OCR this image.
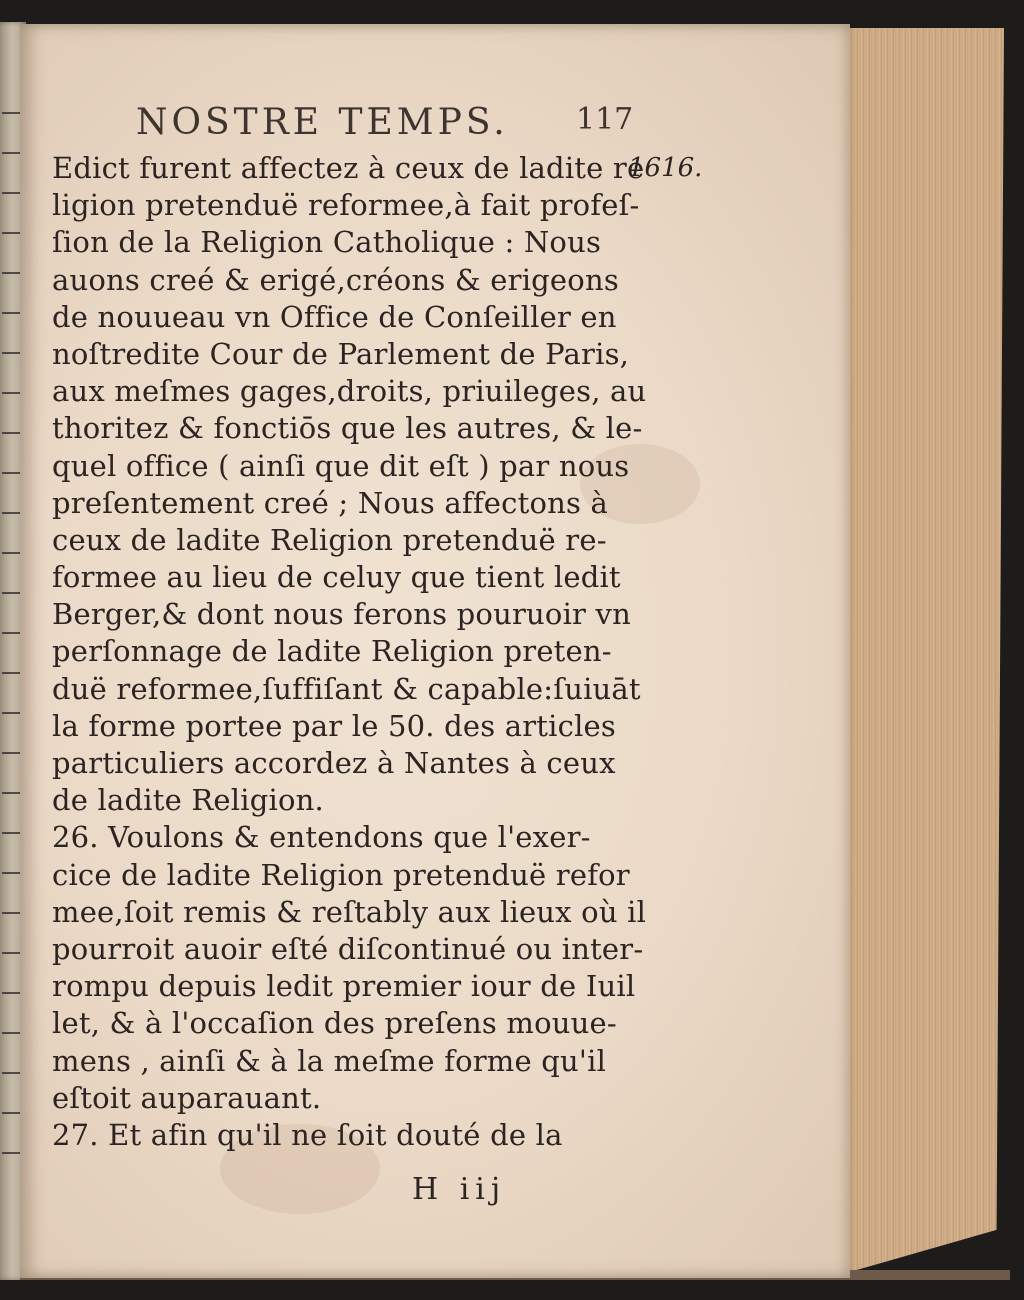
NOSTRE TEMPS. 117
1616.
Edict furent affectez à ceux de ladite re
ligion pretenduë reformee,à fait profeſ-
ſion de la Religion Catholique : Nous
auons creé & erigé,créons & erigeons
de nouueau vn Office de Conſeiller en
noſtredite Cour de Parlement de Paris,
aux meſmes gages,droits, priuileges, au
thoritez & fonctiōs que les autres, & le-
quel office ( ainſi que dit eſt ) par nous
preſentement creé ; Nous affectons à
ceux de ladite Religion pretenduë re-
formee au lieu de celuy que tient ledit
Berger,& dont nous ferons pouruoir vn
perſonnage de ladite Religion preten-
duë reformee,ſuffiſant & capable:ſuiuāt
la forme portee par le 50. des articles
particuliers accordez à Nantes à ceux
de ladite Religion.
26. Voulons & entendons que l'exer-
cice de ladite Religion pretenduë refor
mee,ſoit remis & reſtably aux lieux où il
pourroit auoir eſté diſcontinué ou inter-
rompu depuis ledit premier iour de Iuil
let, & à l'occaſion des preſens mouue-
mens , ainſi & à la meſme forme qu'il
eſtoit auparauant.
27. Et afin qu'il ne ſoit douté de la
H iij
